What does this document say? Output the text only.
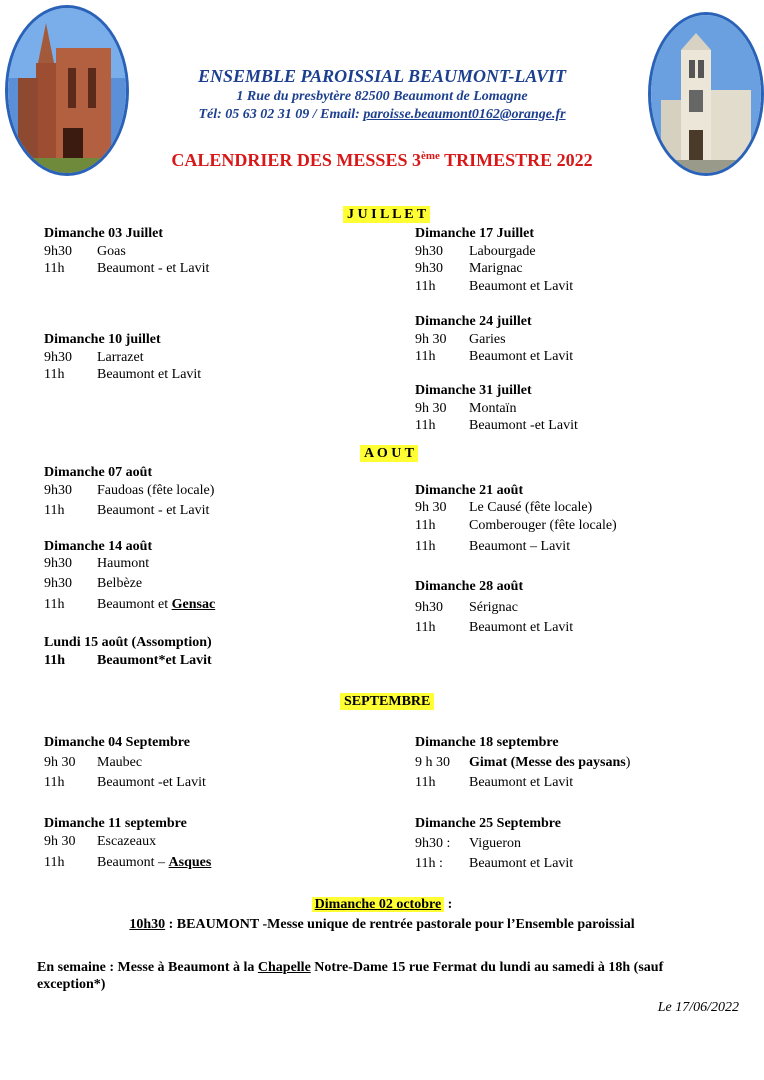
ENSEMBLE PAROISSIAL BEAUMONT-LAVIT
1 Rue du presbytère 82500 Beaumont de Lomagne
Tél: 05 63 02 31 09 / Email: paroisse.beaumont0162@orange.fr
CALENDRIER DES MESSES 3ème TRIMESTRE 2022
J U I L L E T
Dimanche 03 Juillet
9h30 Goas
11h Beaumont - et Lavit
Dimanche 10 juillet
9h30 Larrazet
11h Beaumont et Lavit
Dimanche 17 Juillet
9h30 Labourgade
9h30 Marignac
11h Beaumont et Lavit
Dimanche 24 juillet
9h 30 Garies
11h Beaumont et Lavit
Dimanche 31 juillet
9h 30 Montaïn
11h Beaumont -et Lavit
A O U T
Dimanche 07 août
9h30 Faudoas (fête locale)
11h Beaumont - et Lavit
Dimanche 14 août
9h30 Haumont
9h30 Belbèze
11h Beaumont et Gensac
Lundi 15 août (Assomption)
11h Beaumont*et Lavit
Dimanche 21 août
9h 30 Le Causé (fête locale)
11h Comberouger (fête locale)
11h Beaumont – Lavit
Dimanche 28 août
9h30 Sérignac
11h Beaumont et Lavit
SEPTEMBRE
Dimanche 04 Septembre
9h 30 Maubec
11h Beaumont -et Lavit
Dimanche 11 septembre
9h 30 Escazeaux
11h Beaumont – Asques
Dimanche 18 septembre
9 h 30 Gimat (Messe des paysans)
11h Beaumont et Lavit
Dimanche 25 Septembre
9h30 : Vigueron
11h : Beaumont et Lavit
Dimanche 02 octobre :
10h30 : BEAUMONT -Messe unique de rentrée pastorale pour l’Ensemble paroissial
En semaine : Messe à Beaumont à la Chapelle Notre-Dame 15 rue Fermat du lundi au samedi à 18h (sauf
exception*)
Le 17/06/2022
